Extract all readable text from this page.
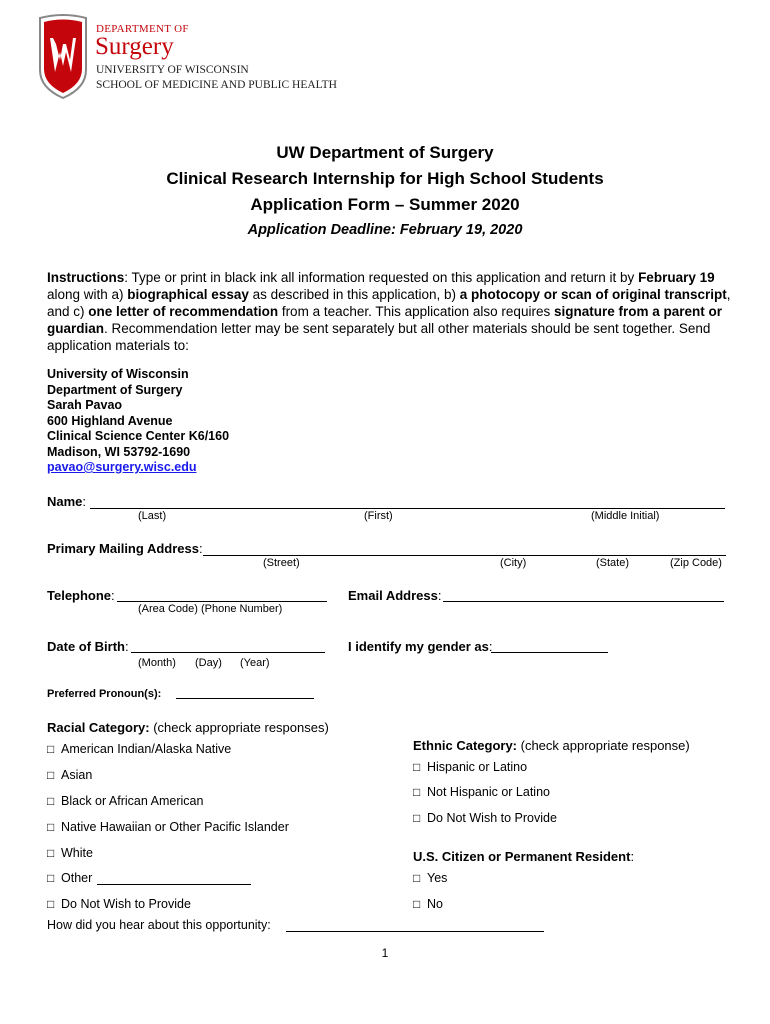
DEPARTMENT OF
Surgery
UNIVERSITY OF WISCONSIN
SCHOOL OF MEDICINE AND PUBLIC HEALTH
UW Department of Surgery
Clinical Research Internship for High School Students
Application Form – Summer 2020
Application Deadline: February 19, 2020
Instructions: Type or print in black ink all information requested on this application and return it by February 19 along with a) biographical essay as described in this application, b) a photocopy or scan of original transcript, and c) one letter of recommendation from a teacher. This application also requires signature from a parent or guardian. Recommendation letter may be sent separately but all other materials should be sent together. Send application materials to:
University of Wisconsin
Department of Surgery
Sarah Pavao
600 Highland Avenue
Clinical Science Center K6/160
Madison, WI 53792-1690
pavao@surgery.wisc.edu
Name:
(Last)	(First)	(Middle Initial)
Primary Mailing Address:
(Street)	(City)	(State)	(Zip Code)
Telephone:
(Area Code) (Phone Number)
Email Address:
Date of Birth:
(Month) (Day) (Year)
I identify my gender as:
Preferred Pronoun(s):
Racial Category: (check appropriate responses)
□ American Indian/Alaska Native
□ Asian
□ Black or African American
□ Native Hawaiian or Other Pacific Islander
□ White
□ Other
□ Do Not Wish to Provide
Ethnic Category: (check appropriate response)
□ Hispanic or Latino
□ Not Hispanic or Latino
□ Do Not Wish to Provide
U.S. Citizen or Permanent Resident:
□ Yes
□ No
How did you hear about this opportunity:
1
